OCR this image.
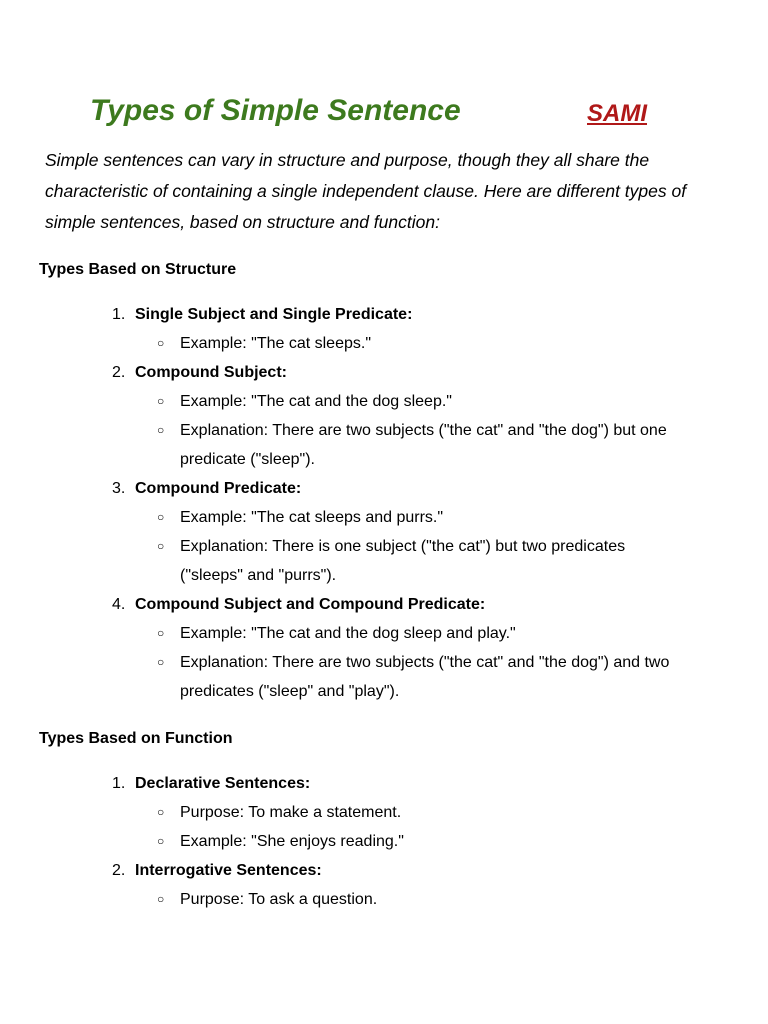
Types of Simple Sentence	SAMI

Simple sentences can vary in structure and purpose, though they all share the characteristic of containing a single independent clause. Here are different types of simple sentences, based on structure and function:

Types Based on Structure
1. Single Subject and Single Predicate:
○ Example: "The cat sleeps."
2. Compound Subject:
○ Example: "The cat and the dog sleep."
○ Explanation: There are two subjects ("the cat" and "the dog") but one predicate ("sleep").
3. Compound Predicate:
○ Example: "The cat sleeps and purrs."
○ Explanation: There is one subject ("the cat") but two predicates ("sleeps" and "purrs").
4. Compound Subject and Compound Predicate:
○ Example: "The cat and the dog sleep and play."
○ Explanation: There are two subjects ("the cat" and "the dog") and two predicates ("sleep" and "play").
Types Based on Function
1. Declarative Sentences:
○ Purpose: To make a statement.
○ Example: "She enjoys reading."
2. Interrogative Sentences:
○ Purpose: To ask a question.
